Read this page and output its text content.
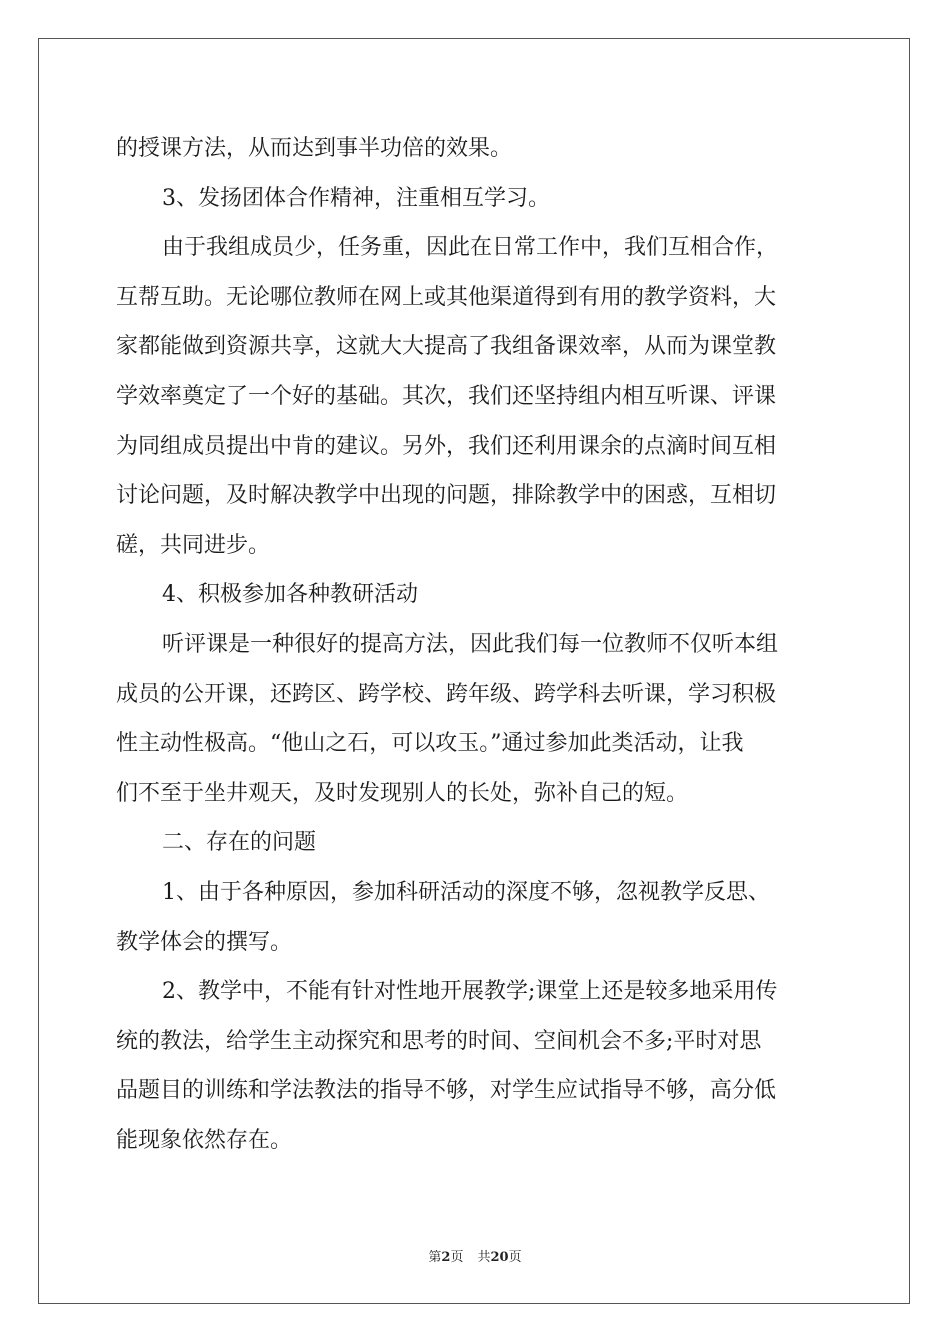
的授课方法，从而达到事半功倍的效果。
3、发扬团体合作精神，注重相互学习。
由于我组成员少，任务重，因此在日常工作中，我们互相合作，
互帮互助。无论哪位教师在网上或其他渠道得到有用的教学资料，大
家都能做到资源共享，这就大大提高了我组备课效率，从而为课堂教
学效率奠定了一个好的基础。其次，我们还坚持组内相互听课、评课
为同组成员提出中肯的建议。另外，我们还利用课余的点滴时间互相
讨论问题，及时解决教学中出现的问题，排除教学中的困惑，互相切
磋，共同进步。
4、积极参加各种教研活动
听评课是一种很好的提高方法，因此我们每一位教师不仅听本组
成员的公开课，还跨区、跨学校、跨年级、跨学科去听课，学习积极
性主动性极高。“他山之石，可以攻玉。”通过参加此类活动，让我
们不至于坐井观天，及时发现别人的长处，弥补自己的短。
二、存在的问题
1、由于各种原因，参加科研活动的深度不够，忽视教学反思、
教学体会的撰写。
2、教学中，不能有针对性地开展教学;课堂上还是较多地采用传
统的教法，给学生主动探究和思考的时间、空间机会不多;平时对思
品题目的训练和学法教法的指导不够，对学生应试指导不够，高分低
能现象依然存在。
第2页 共20页
